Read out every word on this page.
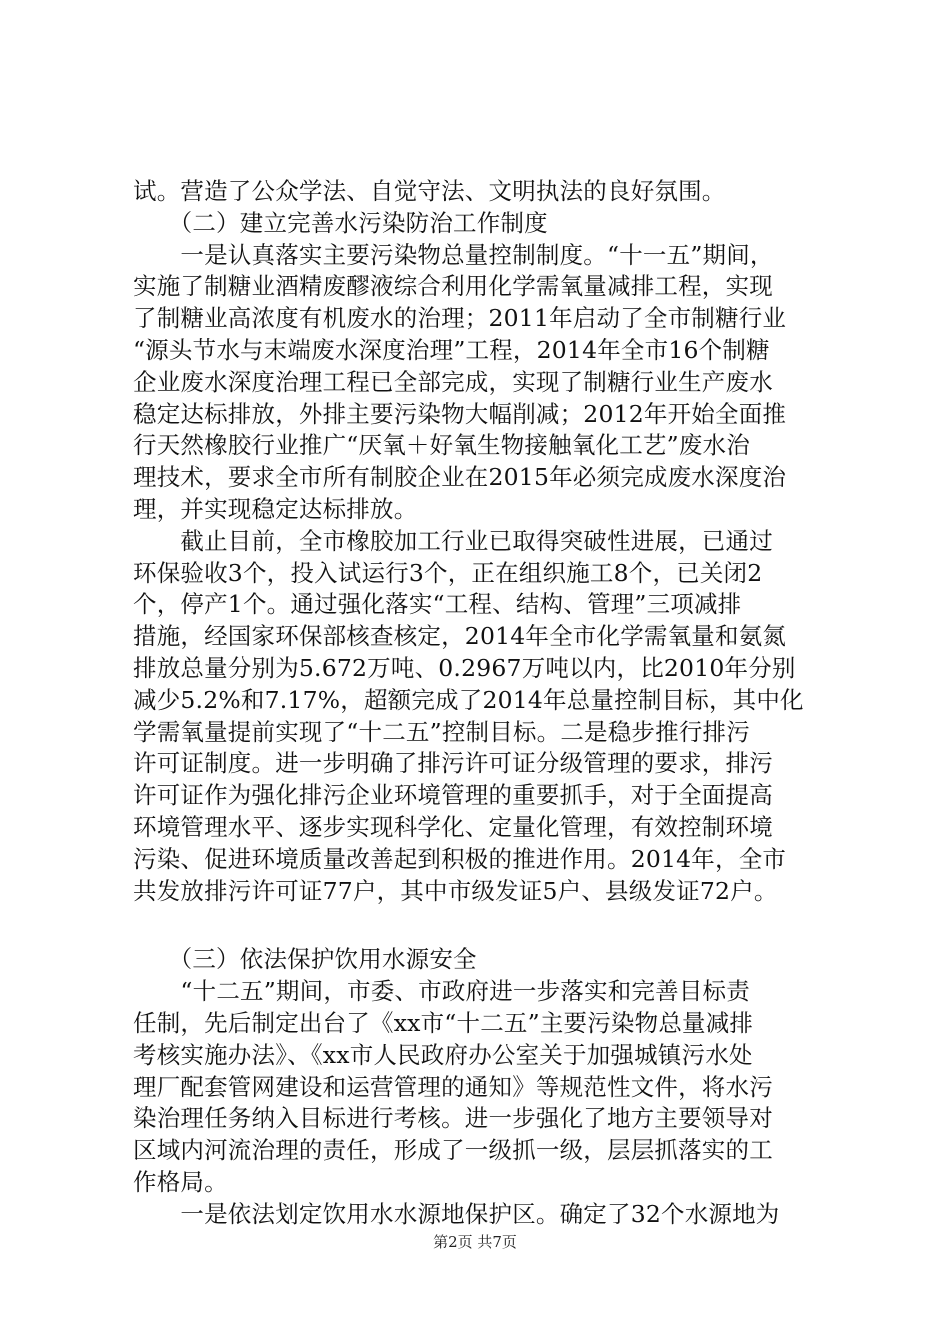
试。营造了公众学法、自觉守法、文明执法的良好氛围。
　　（二）建立完善水污染防治工作制度
　　一是认真落实主要污染物总量控制制度。“十一五”期间，
实施了制糖业酒精废醪液综合利用化学需氧量减排工程，实现
了制糖业高浓度有机废水的治理；2011年启动了全市制糖行业
“源头节水与末端废水深度治理”工程，2014年全市16个制糖
企业废水深度治理工程已全部完成，实现了制糖行业生产废水
稳定达标排放，外排主要污染物大幅削减；2012年开始全面推
行天然橡胶行业推广“厌氧＋好氧生物接触氧化工艺”废水治
理技术，要求全市所有制胶企业在2015年必须完成废水深度治
理，并实现稳定达标排放。
　　截止目前，全市橡胶加工行业已取得突破性进展，已通过
环保验收3个，投入试运行3个，正在组织施工8个，已关闭2
个，停产1个。通过强化落实“工程、结构、管理”三项减排
措施，经国家环保部核查核定，2014年全市化学需氧量和氨氮
排放总量分别为5.672万吨、0.2967万吨以内，比2010年分别
减少5.2%和7.17%，超额完成了2014年总量控制目标，其中化
学需氧量提前实现了“十二五”控制目标。二是稳步推行排污
许可证制度。进一步明确了排污许可证分级管理的要求，排污
许可证作为强化排污企业环境管理的重要抓手，对于全面提高
环境管理水平、逐步实现科学化、定量化管理，有效控制环境
污染、促进环境质量改善起到积极的推进作用。2014年，全市
共发放排污许可证77户，其中市级发证5户、县级发证72户。
　　（三）依法保护饮用水源安全
　　“十二五”期间，市委、市政府进一步落实和完善目标责
任制，先后制定出台了《xx市“十二五”主要污染物总量减排
考核实施办法》、《xx市人民政府办公室关于加强城镇污水处
理厂配套管网建设和运营管理的通知》等规范性文件，将水污
染治理任务纳入目标进行考核。进一步强化了地方主要领导对
区域内河流治理的责任，形成了一级抓一级，层层抓落实的工
作格局。
　　一是依法划定饮用水水源地保护区。确定了32个水源地为
第2页 共7页
